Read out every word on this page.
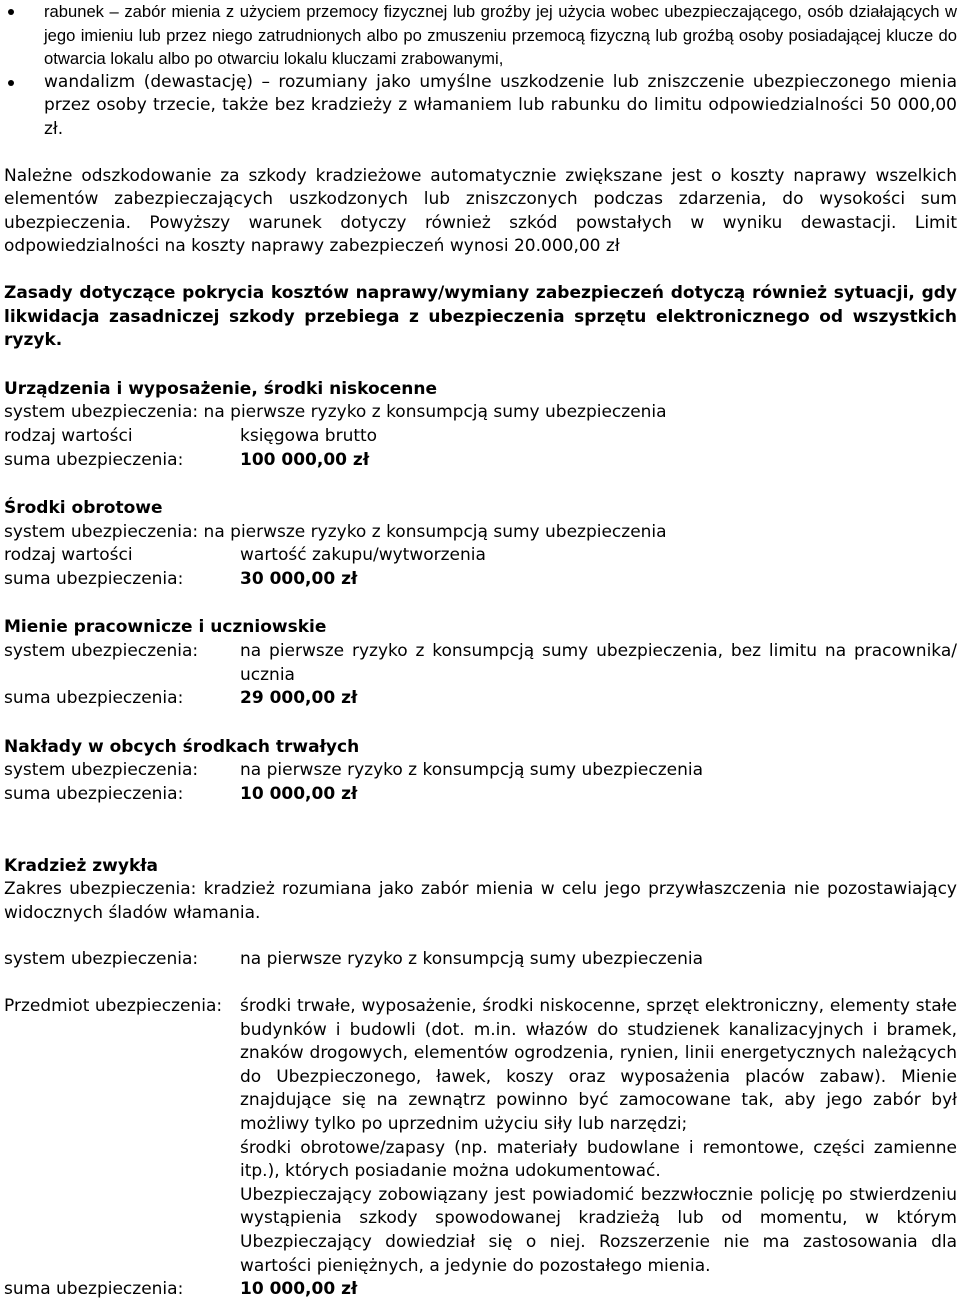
rabunek – zabór mienia z użyciem przemocy fizycznej lub groźby jej użycia wobec ubezpieczającego, osób działających w jego imieniu lub przez niego zatrudnionych albo po zmuszeniu przemocą fizyczną lub groźbą osoby posiadającej klucze do otwarcia lokalu albo po otwarciu lokalu kluczami zrabowanymi,
wandalizm (dewastację) – rozumiany jako umyślne uszkodzenie lub zniszczenie ubezpieczonego mienia przez osoby trzecie, także bez kradzieży z włamaniem lub rabunku do limitu odpowiedzialności 50 000,00 zł.

Należne odszkodowanie za szkody kradzieżowe automatycznie zwiększane jest o koszty naprawy wszelkich elementów zabezpieczających uszkodzonych lub zniszczonych podczas zdarzenia, do wysokości sum ubezpieczenia. Powyższy warunek dotyczy również szkód powstałych w wyniku dewastacji. Limit odpowiedzialności na koszty naprawy zabezpieczeń wynosi 20.000,00 zł

Zasady dotyczące pokrycia kosztów naprawy/wymiany zabezpieczeń dotyczą również sytuacji, gdy likwidacja zasadniczej szkody przebiega z ubezpieczenia sprzętu elektronicznego od wszystkich ryzyk.

Urządzenia i wyposażenie, środki niskocenne
system ubezpieczenia: na pierwsze ryzyko z konsumpcją sumy ubezpieczenia
rodzaj wartości	księgowa brutto
suma ubezpieczenia:	100 000,00 zł
Środki obrotowe
system ubezpieczenia: na pierwsze ryzyko z konsumpcją sumy ubezpieczenia
rodzaj wartości	wartość zakupu/wytworzenia
suma ubezpieczenia:	30 000,00 zł
Mienie pracownicze i uczniowskie
system ubezpieczenia:	na pierwsze ryzyko z konsumpcją sumy ubezpieczenia, bez limitu na pracownika/ ucznia
suma ubezpieczenia:	29 000,00 zł
Nakłady w obcych środkach trwałych
system ubezpieczenia:	na pierwsze ryzyko z konsumpcją sumy ubezpieczenia
suma ubezpieczenia:	10 000,00 zł
Kradzież zwykła

Zakres ubezpieczenia: kradzież rozumiana jako zabór mienia w celu jego przywłaszczenia nie pozostawiający widocznych śladów włamania.

system ubezpieczenia:	na pierwsze ryzyko z konsumpcją sumy ubezpieczenia
Przedmiot ubezpieczenia:	środki trwałe, wyposażenie, środki niskocenne, sprzęt elektroniczny, elementy stałe budynków i budowli (dot. m.in. włazów do studzienek kanalizacyjnych i bramek, znaków drogowych, elementów ogrodzenia, rynien, linii energetycznych należących do Ubezpieczonego, ławek, koszy oraz wyposażenia placów zabaw). Mienie znajdujące się na zewnątrz powinno być zamocowane tak, aby jego zabór był możliwy tylko po uprzednim użyciu siły lub narzędzi;

środki obrotowe/zapasy (np. materiały budowlane i remontowe, części zamienne itp.), których posiadanie można udokumentować.

Ubezpieczający zobowiązany jest powiadomić bezzwłocznie policję po stwierdzeniu wystąpienia szkody spowodowanej kradzieżą lub od momentu, w którym Ubezpieczający dowiedział się o niej. Rozszerzenie nie ma zastosowania dla wartości pieniężnych, a jedynie do pozostałego mienia.

suma ubezpieczenia:	10 000,00 zł
